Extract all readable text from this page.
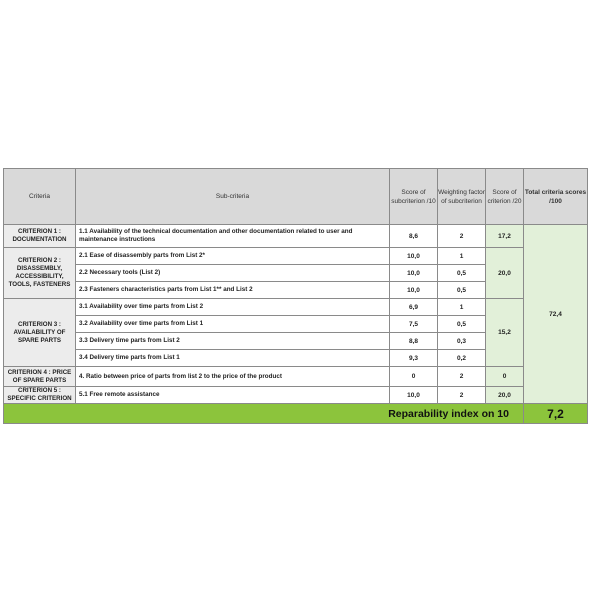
Criteria	Sub-criteria	Score of subcriterion /10	Weighting factor of subcriterion	Score of criterion /20	Total criteria scores /100
CRITERION 1 : DOCUMENTATION	1.1 Availability of the technical documentation and other documentation related to user and maintenance instructions	8,6	2	17,2	72,4
CRITERION 2 : DISASSEMBLY, ACCESSIBILITY, TOOLS, FASTENERS	2.1 Ease of disassembly parts from List 2*	10,0	1	20,0	
	2.2 Necessary tools (List 2)	10,0	0,5		
	2.3 Fasteners characteristics parts from List 1** and List 2	10,0	0,5		
CRITERION 3 : AVAILABILITY OF SPARE PARTS	3.1 Availability over time parts from List 2	6,9	1	15,2	
	3.2 Availability over time parts from List 1	7,5	0,5		
	3.3 Delivery time parts from List 2	8,8	0,3		
	3.4 Delivery time parts from List 1	9,3	0,2		
CRITERION 4 : PRICE OF SPARE PARTS	4. Ratio between price of parts from list 2 to the price of the product	0	2	0	
CRITERION 5 : SPECIFIC CRITERION	5.1 Free remote assistance	10,0	2	20,0	
Reparability index on 10					7,2
